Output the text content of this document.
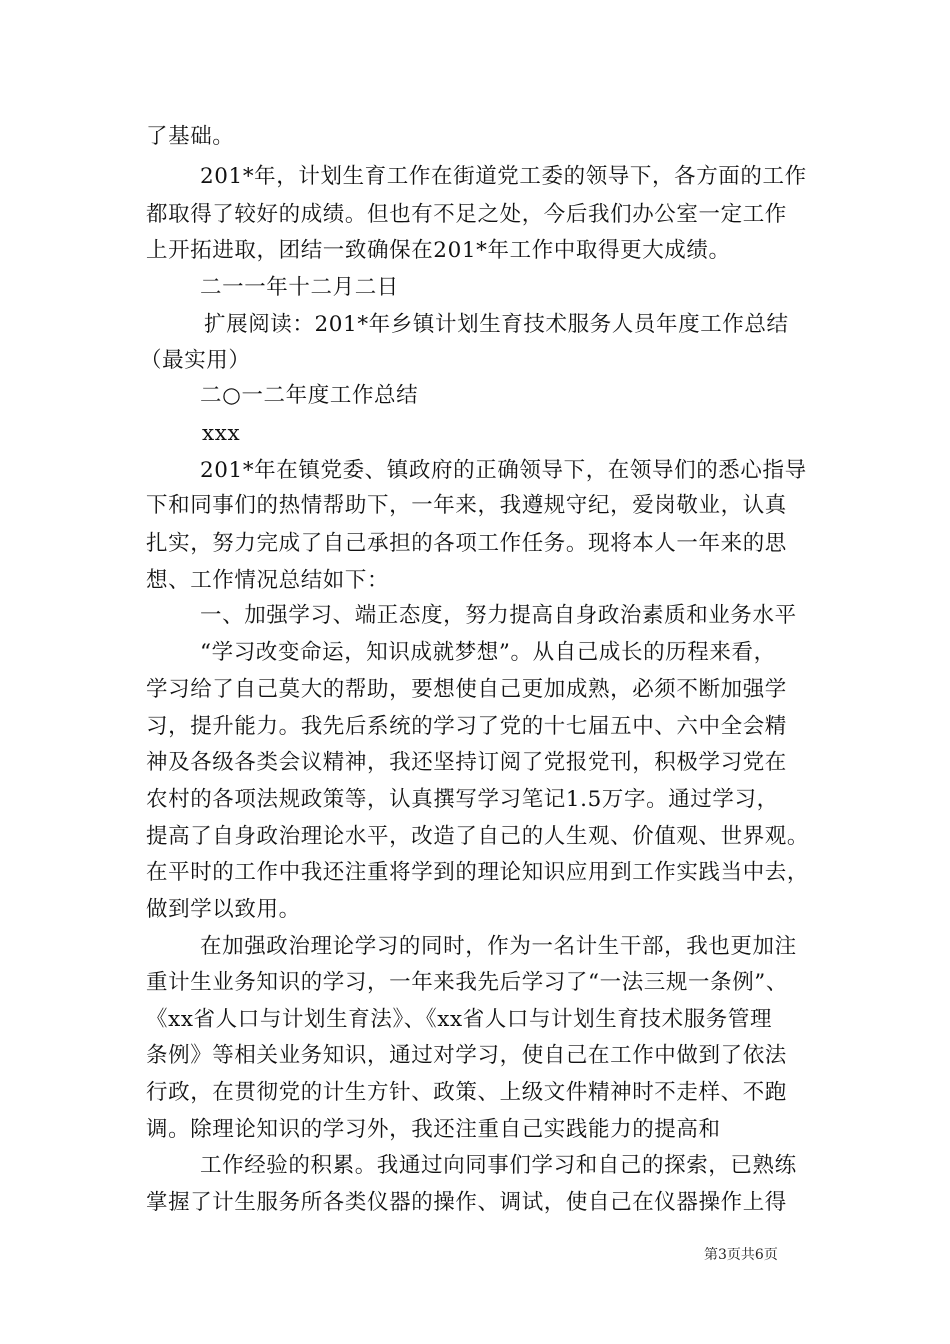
了基础。
201*年，计划生育工作在街道党工委的领导下，各方面的工作
都取得了较好的成绩。但也有不足之处，今后我们办公室一定工作
上开拓进取，团结一致确保在201*年工作中取得更大成绩。
二一一年十二月二日
扩展阅读：201*年乡镇计划生育技术服务人员年度工作总结
（最实用）
二○一二年度工作总结
xxx
201*年在镇党委、镇政府的正确领导下，在领导们的悉心指导
下和同事们的热情帮助下，一年来，我遵规守纪，爱岗敬业，认真
扎实，努力完成了自己承担的各项工作任务。现将本人一年来的思
想、工作情况总结如下：
一、加强学习、端正态度，努力提高自身政治素质和业务水平
“学习改变命运，知识成就梦想”。从自己成长的历程来看，
学习给了自己莫大的帮助，要想使自己更加成熟，必须不断加强学
习，提升能力。我先后系统的学习了党的十七届五中、六中全会精
神及各级各类会议精神，我还坚持订阅了党报党刊，积极学习党在
农村的各项法规政策等，认真撰写学习笔记1.5万字。通过学习，
提高了自身政治理论水平，改造了自己的人生观、价值观、世界观。
在平时的工作中我还注重将学到的理论知识应用到工作实践当中去，
做到学以致用。
在加强政治理论学习的同时，作为一名计生干部，我也更加注
重计生业务知识的学习，一年来我先后学习了“一法三规一条例”、
《xx省人口与计划生育法》、《xx省人口与计划生育技术服务管理
条例》等相关业务知识，通过对学习，使自己在工作中做到了依法
行政，在贯彻党的计生方针、政策、上级文件精神时不走样、不跑
调。除理论知识的学习外，我还注重自己实践能力的提高和
工作经验的积累。我通过向同事们学习和自己的探索，已熟练
掌握了计生服务所各类仪器的操作、调试，使自己在仪器操作上得
第3页共6页
